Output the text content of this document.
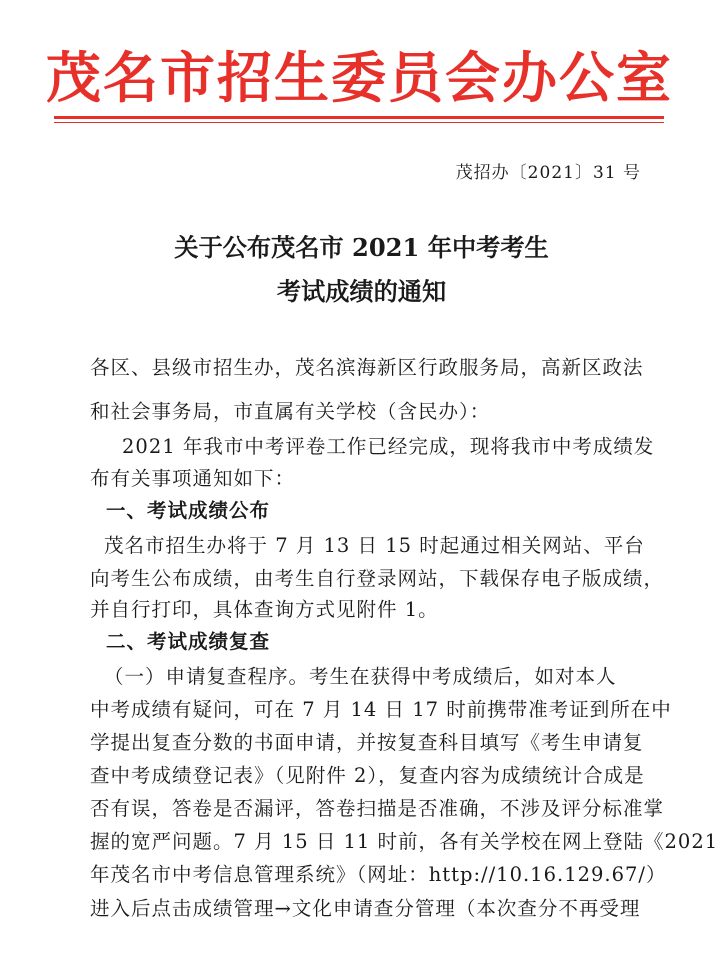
茂名市招生委员会办公室
茂招办〔2021〕31 号
关于公布茂名市 2021 年中考考生
考试成绩的通知
各区、县级市招生办，茂名滨海新区行政服务局，高新区政法
和社会事务局，市直属有关学校（含民办）：
2021 年我市中考评卷工作已经完成，现将我市中考成绩发
布有关事项通知如下：
一、考试成绩公布
茂名市招生办将于 7 月 13 日 15 时起通过相关网站、平台
向考生公布成绩，由考生自行登录网站，下载保存电子版成绩，
并自行打印，具体查询方式见附件 1。
二、考试成绩复查
（一）申请复查程序。考生在获得中考成绩后，如对本人
中考成绩有疑问，可在 7 月 14 日 17 时前携带准考证到所在中
学提出复查分数的书面申请，并按复查科目填写《考生申请复
查中考成绩登记表》（见附件 2），复查内容为成绩统计合成是
否有误，答卷是否漏评，答卷扫描是否准确，不涉及评分标准掌
握的宽严问题。7 月 15 日 11 时前，各有关学校在网上登陆《2021
年茂名市中考信息管理系统》（网址：http://10.16.129.67/）
进入后点击成绩管理→文化申请查分管理（本次查分不再受理
